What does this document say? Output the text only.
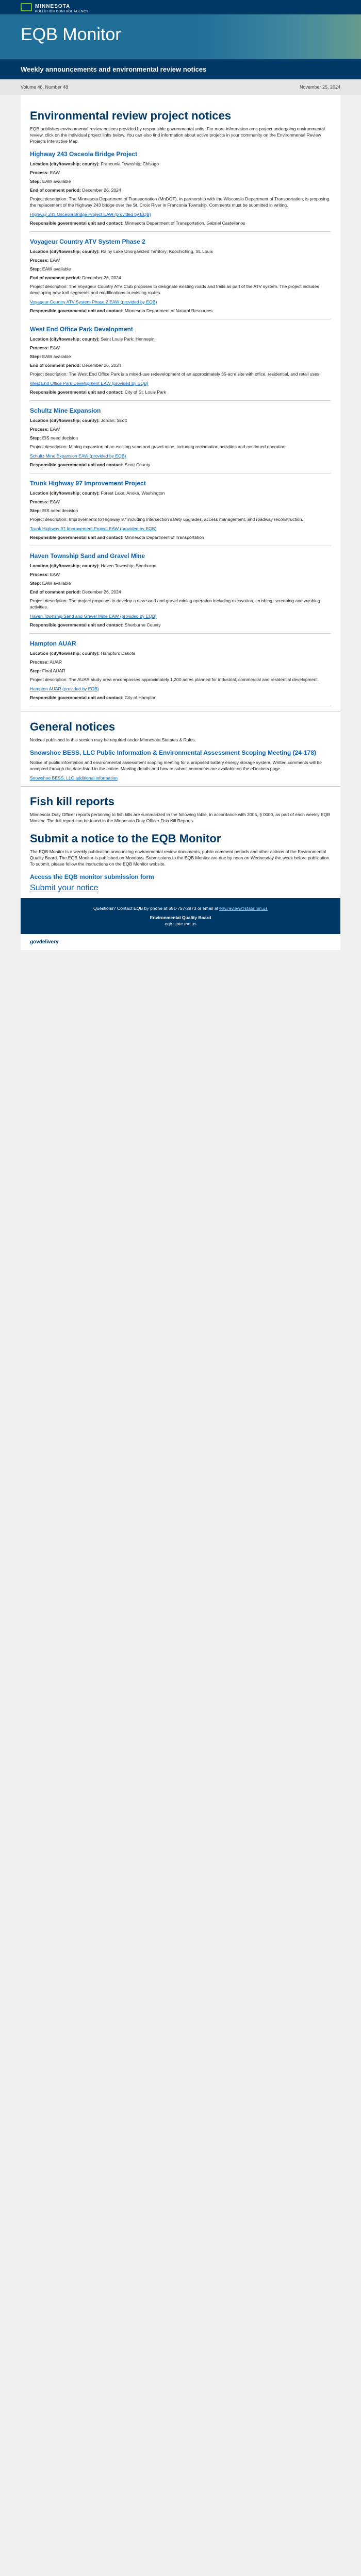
MINNESOTA
POLLUTION CONTROL AGENCY
EQB Monitor
Weekly announcements and environmental review notices
Volume 48, Number 48	November 25, 2024
Environmental review project notices

EQB publishes environmental review notices provided by responsible governmental units. For more information on a project undergoing environmental review, click on the individual project links below. You can also find information about active projects in your community on the Environmental Review Projects Interactive Map.

Highway 243 Osceola Bridge Project
Location (city/township; county): Franconia Township; Chisago
Process: EAW
Step: EAW available
End of comment period: December 26, 2024

Project description: The Minnesota Department of Transportation (MnDOT), in partnership with the Wisconsin Department of Transportation, is proposing the replacement of the Highway 243 bridge over the St. Croix River in Franconia Township. Comments must be submitted in writing.

Highway 243 Osceola Bridge Project EAW (provided by EQB)
Responsible governmental unit and contact: Minnesota Department of Transportation, Gabriel Castellanos
Voyageur Country ATV System Phase 2
Location (city/township; county): Rainy Lake Unorganized Territory; Koochiching, St. Louis
Process: EAW
Step: EAW available
End of comment period: December 26, 2024

Project description: The Voyageur Country ATV Club proposes to designate existing roads and trails as part of the ATV system. The project includes developing new trail segments and modifications to existing routes.

Voyageur Country ATV System Phase 2 EAW (provided by EQB)
Responsible governmental unit and contact: Minnesota Department of Natural Resources
West End Office Park Development
Location (city/township; county): Saint Louis Park; Hennepin
Process: EAW
Step: EAW available
End of comment period: December 26, 2024

Project description: The West End Office Park is a mixed-use redevelopment of an approximately 35-acre site with office, residential, and retail uses.

West End Office Park Development EAW (provided by EQB)
Responsible governmental unit and contact: City of St. Louis Park
Schultz Mine Expansion
Location (city/township; county): Jordan; Scott
Process: EAW
Step: EIS need decision

Project description: Mining expansion of an existing sand and gravel mine, including reclamation activities and continued operation.

Schultz Mine Expansion EAW (provided by EQB)
Responsible governmental unit and contact: Scott County
Trunk Highway 97 Improvement Project
Location (city/township; county): Forest Lake; Anoka, Washington
Process: EAW
Step: EIS need decision

Project description: Improvements to Highway 97 including intersection safety upgrades, access management, and roadway reconstruction.

Trunk Highway 97 Improvement Project EAW (provided by EQB)
Responsible governmental unit and contact: Minnesota Department of Transportation
Haven Township Sand and Gravel Mine
Location (city/township; county): Haven Township; Sherburne
Process: EAW
Step: EAW available
End of comment period: December 26, 2024

Project description: The project proposes to develop a new sand and gravel mining operation including excavation, crushing, screening and washing activities.

Haven Township Sand and Gravel Mine EAW (provided by EQB)
Responsible governmental unit and contact: Sherburne County
Hampton AUAR
Location (city/township; county): Hampton; Dakota
Process: AUAR
Step: Final AUAR

Project description: The AUAR study area encompasses approximately 1,200 acres planned for industrial, commercial and residential development.

Hampton AUAR (provided by EQB)
Responsible governmental unit and contact: City of Hampton
General notices

Notices published in this section may be required under Minnesota Statutes & Rules.

Snowshoe BESS, LLC Public Information & Environmental Assessment Scoping Meeting (24-178)

Notice of public information and environmental assessment scoping meeting for a proposed battery energy storage system. Written comments will be accepted through the date listed in the notice. Meeting details and how to submit comments are available on the eDockets page.

Snowshoe BESS, LLC additional information
Fish kill reports

Minnesota Duty Officer reports pertaining to fish kills are summarized in the following table, in accordance with 2005, § 0000, as part of each weekly EQB Monitor. The full report can be found in the Minnesota Duty Officer Fish Kill Reports.

Submit a notice to the EQB Monitor

The EQB Monitor is a weekly publication announcing environmental review documents, public comment periods and other actions of the Environmental Quality Board. The EQB Monitor is published on Mondays. Submissions to the EQB Monitor are due by noon on Wednesday the week before publication. To submit, please follow the instructions on the EQB Monitor website.

Access the EQB monitor submission form
Submit your notice
Questions? Contact EQB by phone at 651-757-2873 or email at env.review@state.mn.us
Environmental Quality Board
eqb.state.mn.us
govdelivery
